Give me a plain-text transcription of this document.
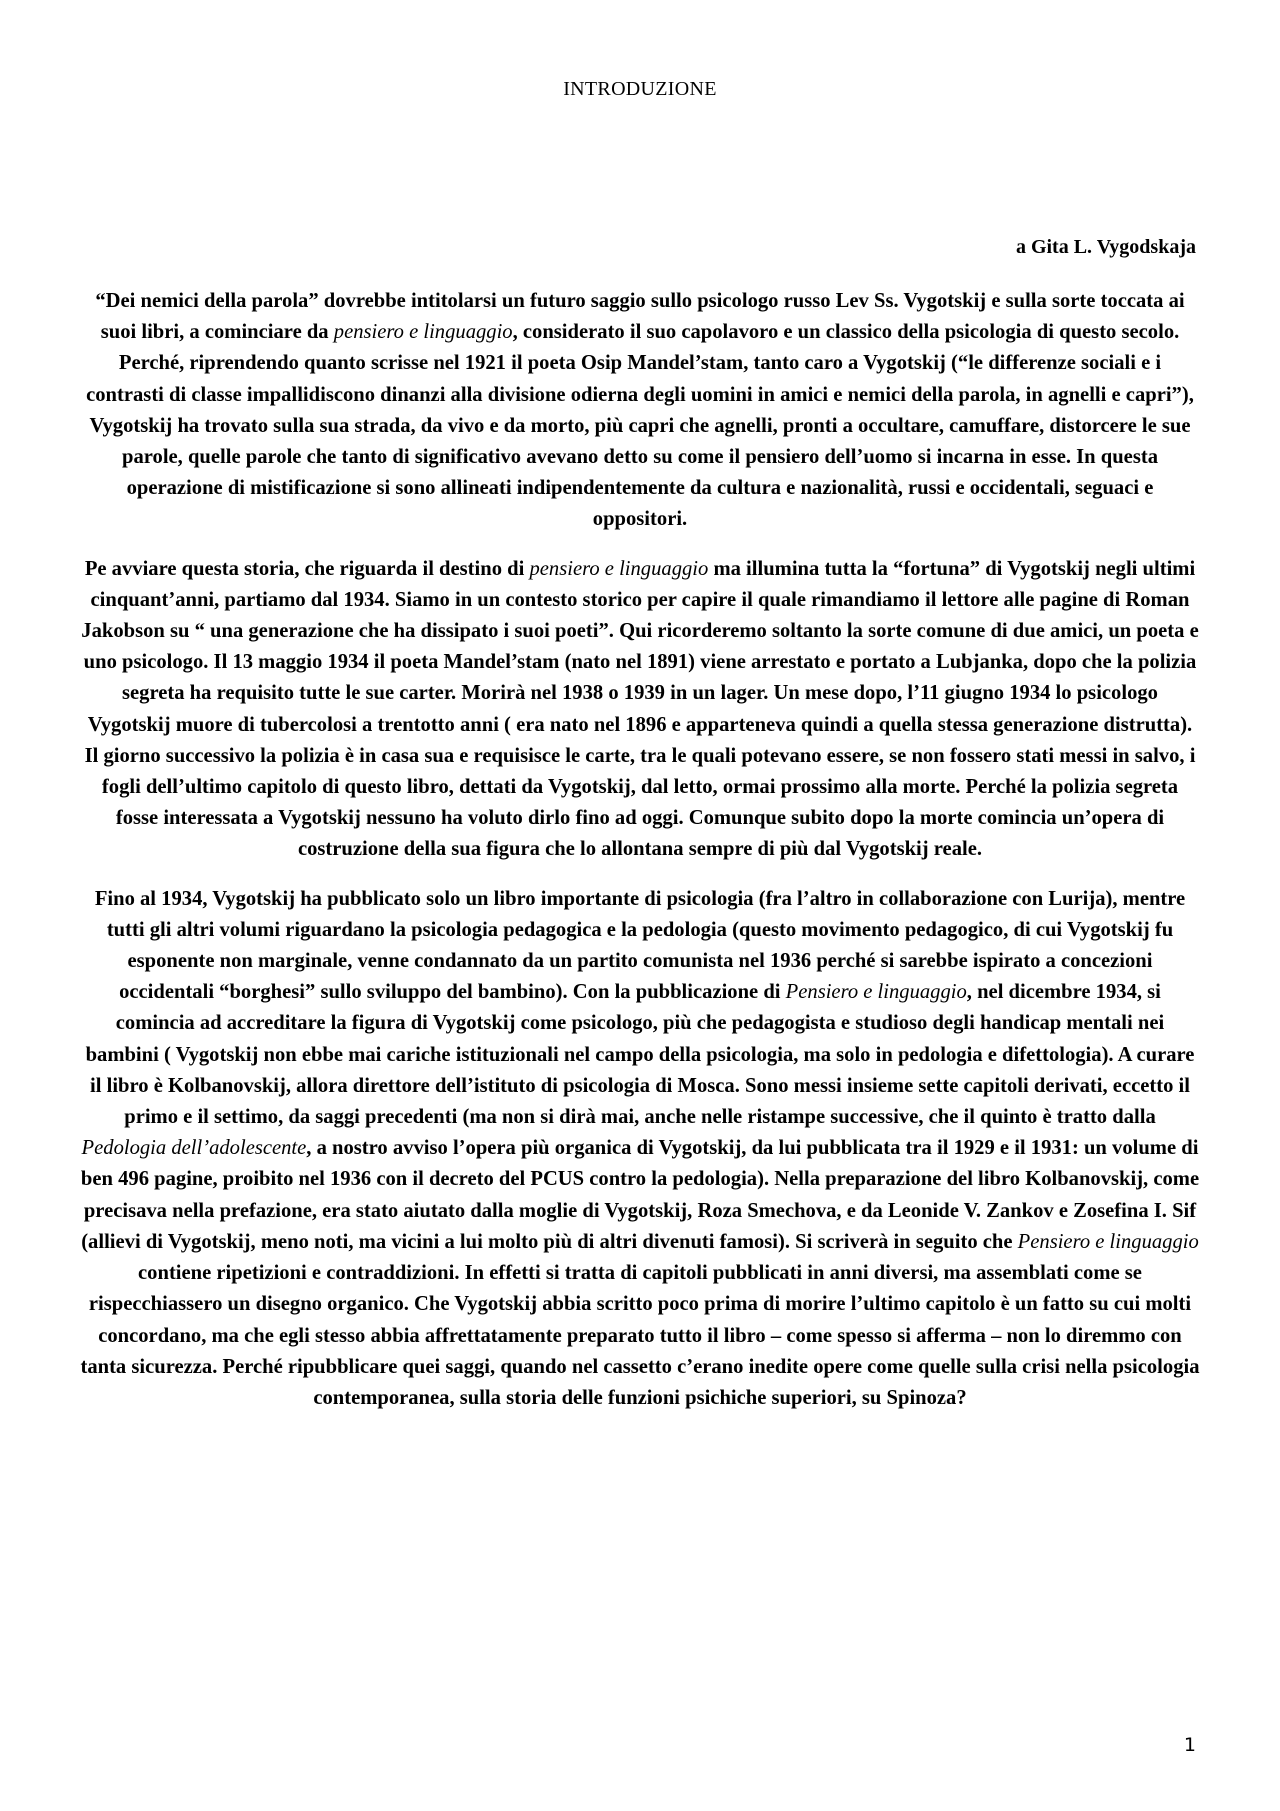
INTRODUZIONE

a Gita L. Vygodskaja

“Dei nemici della parola” dovrebbe intitolarsi un futuro saggio sullo psicologo russo Lev Ss. Vygotskij e sulla sorte toccata ai suoi libri, a cominciare da pensiero e linguaggio, considerato il suo capolavoro e un classico della psicologia di questo secolo. Perché, riprendendo quanto scrisse nel 1921 il poeta Osip Mandel’stam, tanto caro a Vygotskij (“le differenze sociali e i contrasti di classe impallidiscono dinanzi alla divisione odierna degli uomini in amici e nemici della parola, in agnelli e capri”), Vygotskij ha trovato sulla sua strada, da vivo e da morto, più capri che agnelli, pronti a occultare, camuffare, distorcere le sue parole, quelle parole che tanto di significativo avevano detto su come il pensiero dell’uomo si incarna in esse. In questa operazione di mistificazione si sono allineati indipendentemente da cultura e nazionalità, russi e occidentali, seguaci e oppositori.

Pe avviare questa storia, che riguarda il destino di pensiero e linguaggio ma illumina tutta la “fortuna” di Vygotskij negli ultimi cinquant’anni, partiamo dal 1934. Siamo in un contesto storico per capire il quale rimandiamo il lettore alle pagine di Roman Jakobson su “ una generazione che ha dissipato i suoi poeti”. Qui ricorderemo soltanto la sorte comune di due amici, un poeta e uno psicologo. Il 13 maggio 1934 il poeta Mandel’stam (nato nel 1891) viene arrestato e portato a Lubjanka, dopo che la polizia segreta ha requisito tutte le sue carter. Morirà nel 1938 o 1939 in un lager. Un mese dopo, l’11 giugno 1934 lo psicologo Vygotskij muore di tubercolosi a trentotto anni ( era nato nel 1896 e apparteneva quindi a quella stessa generazione distrutta). Il giorno successivo la polizia è in casa sua e requisisce le carte, tra le quali potevano essere, se non fossero stati messi in salvo, i fogli dell’ultimo capitolo di questo libro, dettati da Vygotskij, dal letto, ormai prossimo alla morte. Perché la polizia segreta fosse interessata a Vygotskij nessuno ha voluto dirlo fino ad oggi. Comunque subito dopo la morte comincia un’opera di costruzione della sua figura che lo allontana sempre di più dal Vygotskij reale.

Fino al 1934, Vygotskij ha pubblicato solo un libro importante di psicologia (fra l’altro in collaborazione con Lurija), mentre tutti gli altri volumi riguardano la psicologia pedagogica e la pedologia (questo movimento pedagogico, di cui Vygotskij fu esponente non marginale, venne condannato da un partito comunista nel 1936 perché si sarebbe ispirato a concezioni occidentali “borghesi” sullo sviluppo del bambino). Con la pubblicazione di Pensiero e linguaggio, nel dicembre 1934, si comincia ad accreditare la figura di Vygotskij come psicologo, più che pedagogista e studioso degli handicap mentali nei bambini ( Vygotskij non ebbe mai cariche istituzionali nel campo della psicologia, ma solo in pedologia e difettologia). A curare il libro è Kolbanovskij, allora direttore dell’istituto di psicologia di Mosca. Sono messi insieme sette capitoli derivati, eccetto il primo e il settimo, da saggi precedenti (ma non si dirà mai, anche nelle ristampe successive, che il quinto è tratto dalla Pedologia dell’adolescente, a nostro avviso l’opera più organica di Vygotskij, da lui pubblicata tra il 1929 e il 1931: un volume di ben 496 pagine, proibito nel 1936 con il decreto del PCUS contro la pedologia). Nella preparazione del libro Kolbanovskij, come precisava nella prefazione, era stato aiutato dalla moglie di Vygotskij, Roza Smechova, e da Leonide V. Zankov e Zosefina I. Sif (allievi di Vygotskij, meno noti, ma vicini a lui molto più di altri divenuti famosi). Si scriverà in seguito che Pensiero e linguaggio contiene ripetizioni e contraddizioni. In effetti si tratta di capitoli pubblicati in anni diversi, ma assemblati come se rispecchiassero un disegno organico. Che Vygotskij abbia scritto poco prima di morire l’ultimo capitolo è un fatto su cui molti concordano, ma che egli stesso abbia affrettatamente preparato tutto il libro – come spesso si afferma – non lo diremmo con tanta sicurezza. Perché ripubblicare quei saggi, quando nel cassetto c’erano inedite opere come quelle sulla crisi nella psicologia contemporanea, sulla storia delle funzioni psichiche superiori, su Spinoza?

1
